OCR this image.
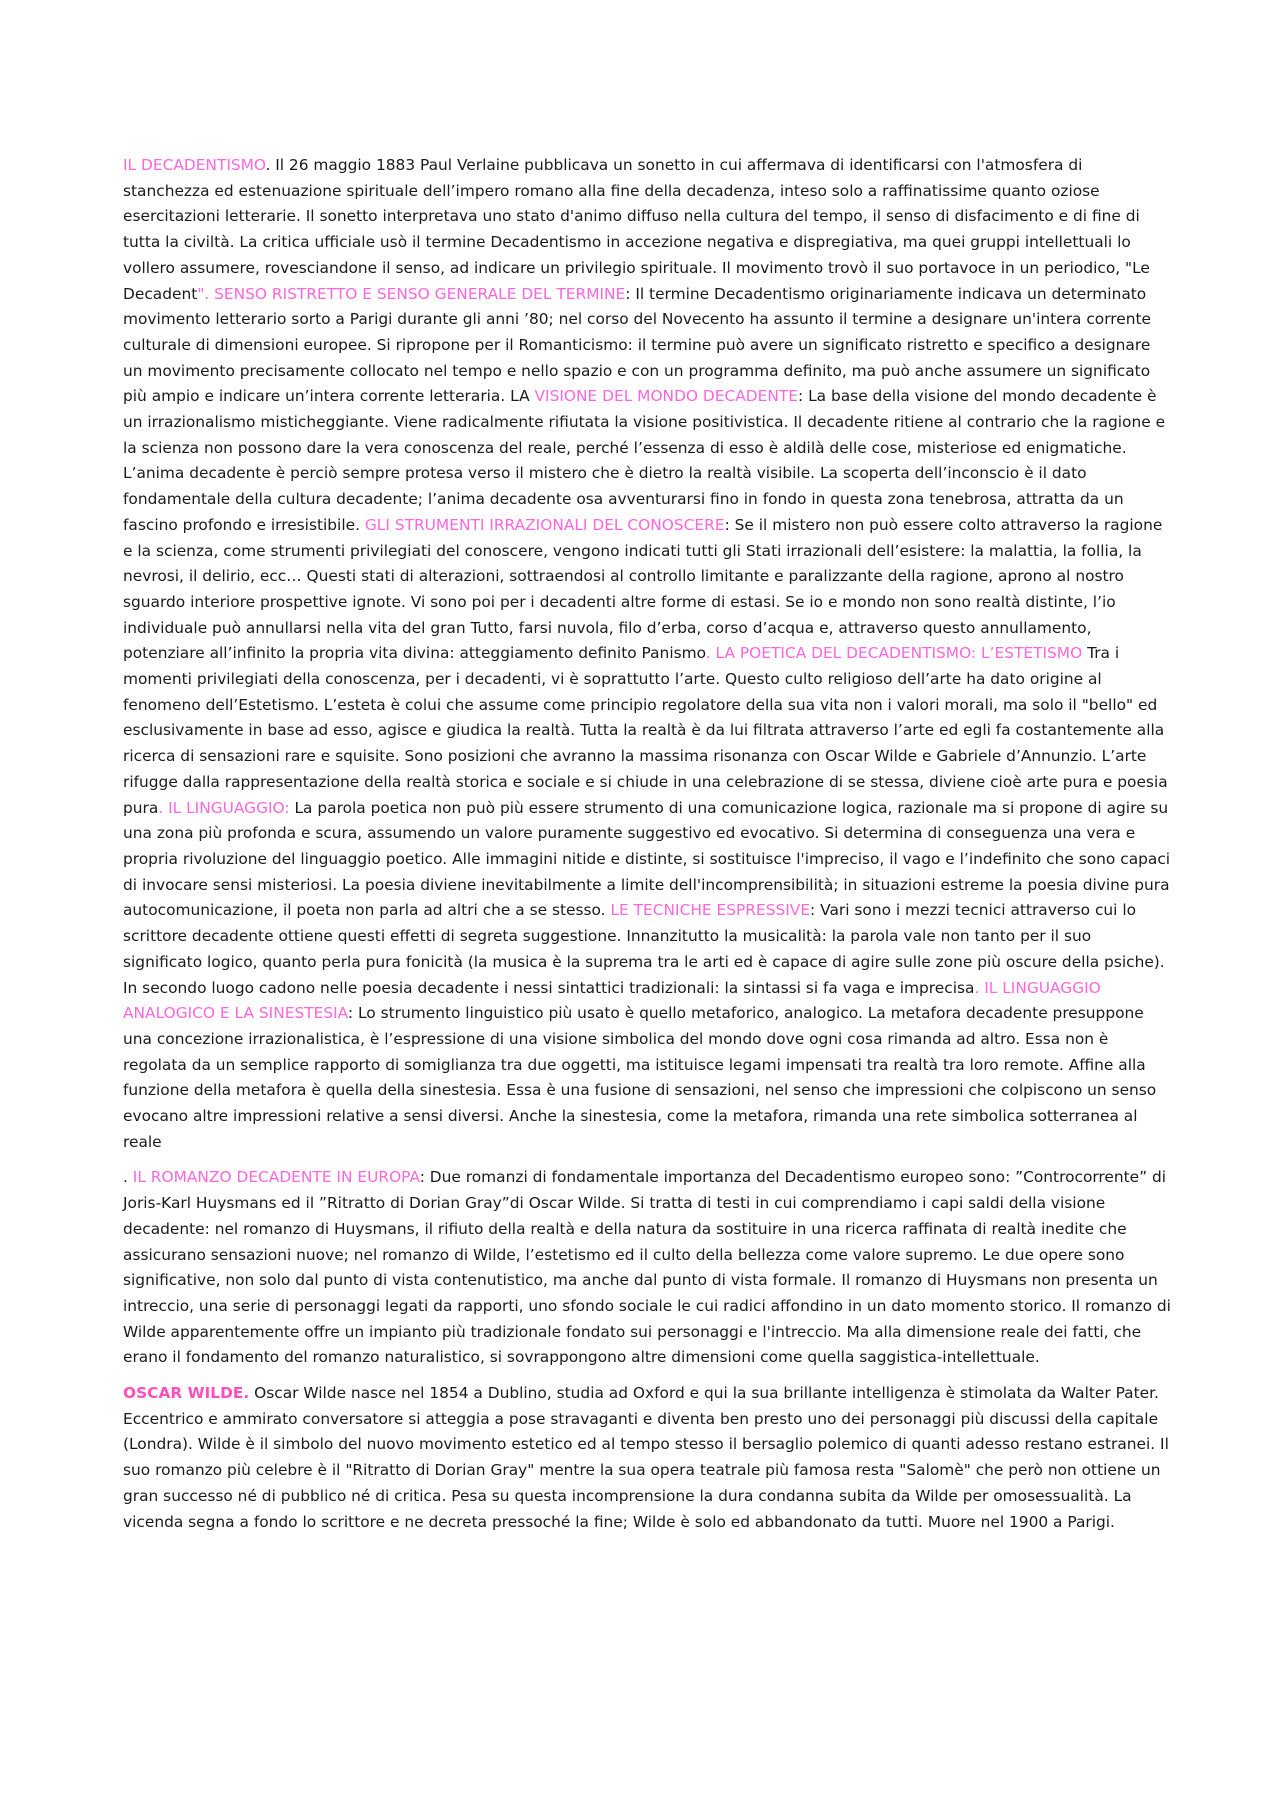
IL DECADENTISMO. Il 26 maggio 1883 Paul Verlaine pubblicava un sonetto in cui affermava di identificarsi con l'atmosfera di stanchezza ed estenuazione spirituale dell’impero romano alla fine della decadenza, inteso solo a raffinatissime quanto oziose esercitazioni letterarie. Il sonetto interpretava uno stato d'animo diffuso nella cultura del tempo, il senso di disfacimento e di fine di tutta la civiltà. La critica ufficiale usò il termine Decadentismo in accezione negativa e dispregiativa, ma quei gruppi intellettuali lo vollero assumere, rovesciandone il senso, ad indicare un privilegio spirituale. Il movimento trovò il suo portavoce in un periodico, "Le Decadent". SENSO RISTRETTO E SENSO GENERALE DEL TERMINE: Il termine Decadentismo originariamente indicava un determinato movimento letterario sorto a Parigi durante gli anni ’80; nel corso del Novecento ha assunto il termine a designare un'intera corrente culturale di dimensioni europee. Si ripropone per il Romanticismo: il termine può avere un significato ristretto e specifico a designare un movimento precisamente collocato nel tempo e nello spazio e con un programma definito, ma può anche assumere un significato più ampio e indicare un’intera corrente letteraria. LA VISIONE DEL MONDO DECADENTE: La base della visione del mondo decadente è un irrazionalismo misticheggiante. Viene radicalmente rifiutata la visione positivistica. Il decadente ritiene al contrario che la ragione e la scienza non possono dare la vera conoscenza del reale, perché l’essenza di esso è aldilà delle cose, misteriose ed enigmatiche. L’anima decadente è perciò sempre protesa verso il mistero che è dietro la realtà visibile. La scoperta dell’inconscio è il dato fondamentale della cultura decadente; l’anima decadente osa avventurarsi fino in fondo in questa zona tenebrosa, attratta da un fascino profondo e irresistibile. GLI STRUMENTI IRRAZIONALI DEL CONOSCERE: Se il mistero non può essere colto attraverso la ragione e la scienza, come strumenti privilegiati del conoscere, vengono indicati tutti gli Stati irrazionali dell’esistere: la malattia, la follia, la nevrosi, il delirio, ecc… Questi stati di alterazioni, sottraendosi al controllo limitante e paralizzante della ragione, aprono al nostro sguardo interiore prospettive ignote. Vi sono poi per i decadenti altre forme di estasi. Se io e mondo non sono realtà distinte, l’io individuale può annullarsi nella vita del gran Tutto, farsi nuvola, filo d’erba, corso d’acqua e, attraverso questo annullamento, potenziare all’infinito la propria vita divina: atteggiamento definito Panismo. LA POETICA DEL DECADENTISMO: L’ESTETISMO Tra i momenti privilegiati della conoscenza, per i decadenti, vi è soprattutto l’arte. Questo culto religioso dell’arte ha dato origine al fenomeno dell’Estetismo. L’esteta è colui che assume come principio regolatore della sua vita non i valori morali, ma solo il "bello" ed esclusivamente in base ad esso, agisce e giudica la realtà. Tutta la realtà è da lui filtrata attraverso l’arte ed egli fa costantemente alla ricerca di sensazioni rare e squisite. Sono posizioni che avranno la massima risonanza con Oscar Wilde e Gabriele d’Annunzio. L’arte rifugge dalla rappresentazione della realtà storica e sociale e si chiude in una celebrazione di se stessa, diviene cioè arte pura e poesia pura. IL LINGUAGGIO: La parola poetica non può più essere strumento di una comunicazione logica, razionale ma si propone di agire su una zona più profonda e scura, assumendo un valore puramente suggestivo ed evocativo. Si determina di conseguenza una vera e propria rivoluzione del linguaggio poetico. Alle immagini nitide e distinte, si sostituisce l'impreciso, il vago e l’indefinito che sono capaci di invocare sensi misteriosi. La poesia diviene inevitabilmente a limite dell'incomprensibilità; in situazioni estreme la poesia divine pura autocomunicazione, il poeta non parla ad altri che a se stesso. LE TECNICHE ESPRESSIVE: Vari sono i mezzi tecnici attraverso cui lo scrittore decadente ottiene questi effetti di segreta suggestione. Innanzitutto la musicalità: la parola vale non tanto per il suo significato logico, quanto perla pura fonicità (la musica è la suprema tra le arti ed è capace di agire sulle zone più oscure della psiche). In secondo luogo cadono nelle poesia decadente i nessi sintattici tradizionali: la sintassi si fa vaga e imprecisa. IL LINGUAGGIO ANALOGICO E LA SINESTESIA: Lo strumento linguistico più usato è quello metaforico, analogico. La metafora decadente presuppone una concezione irrazionalistica, è l’espressione di una visione simbolica del mondo dove ogni cosa rimanda ad altro. Essa non è regolata da un semplice rapporto di somiglianza tra due oggetti, ma istituisce legami impensati tra realtà tra loro remote. Affine alla funzione della metafora è quella della sinestesia. Essa è una fusione di sensazioni, nel senso che impressioni che colpiscono un senso evocano altre impressioni relative a sensi diversi. Anche la sinestesia, come la metafora, rimanda una rete simbolica sotterranea al reale

. IL ROMANZO DECADENTE IN EUROPA: Due romanzi di fondamentale importanza del Decadentismo europeo sono: ”Controcorrente” di Joris-Karl Huysmans ed il ”Ritratto di Dorian Gray”di Oscar Wilde. Si tratta di testi in cui comprendiamo i capi saldi della visione decadente: nel romanzo di Huysmans, il rifiuto della realtà e della natura da sostituire in una ricerca raffinata di realtà inedite che assicurano sensazioni nuove; nel romanzo di Wilde, l’estetismo ed il culto della bellezza come valore supremo. Le due opere sono significative, non solo dal punto di vista contenutistico, ma anche dal punto di vista formale. Il romanzo di Huysmans non presenta un intreccio, una serie di personaggi legati da rapporti, uno sfondo sociale le cui radici affondino in un dato momento storico. Il romanzo di Wilde apparentemente offre un impianto più tradizionale fondato sui personaggi e l'intreccio. Ma alla dimensione reale dei fatti, che erano il fondamento del romanzo naturalistico, si sovrappongono altre dimensioni come quella saggistica-intellettuale.

OSCAR WILDE. Oscar Wilde nasce nel 1854 a Dublino, studia ad Oxford e qui la sua brillante intelligenza è stimolata da Walter Pater. Eccentrico e ammirato conversatore si atteggia a pose stravaganti e diventa ben presto uno dei personaggi più discussi della capitale (Londra). Wilde è il simbolo del nuovo movimento estetico ed al tempo stesso il bersaglio polemico di quanti adesso restano estranei. Il suo romanzo più celebre è il "Ritratto di Dorian Gray" mentre la sua opera teatrale più famosa resta "Salomè" che però non ottiene un gran successo né di pubblico né di critica. Pesa su questa incomprensione la dura condanna subita da Wilde per omosessualità. La vicenda segna a fondo lo scrittore e ne decreta pressoché la fine; Wilde è solo ed abbandonato da tutti. Muore nel 1900 a Parigi.
